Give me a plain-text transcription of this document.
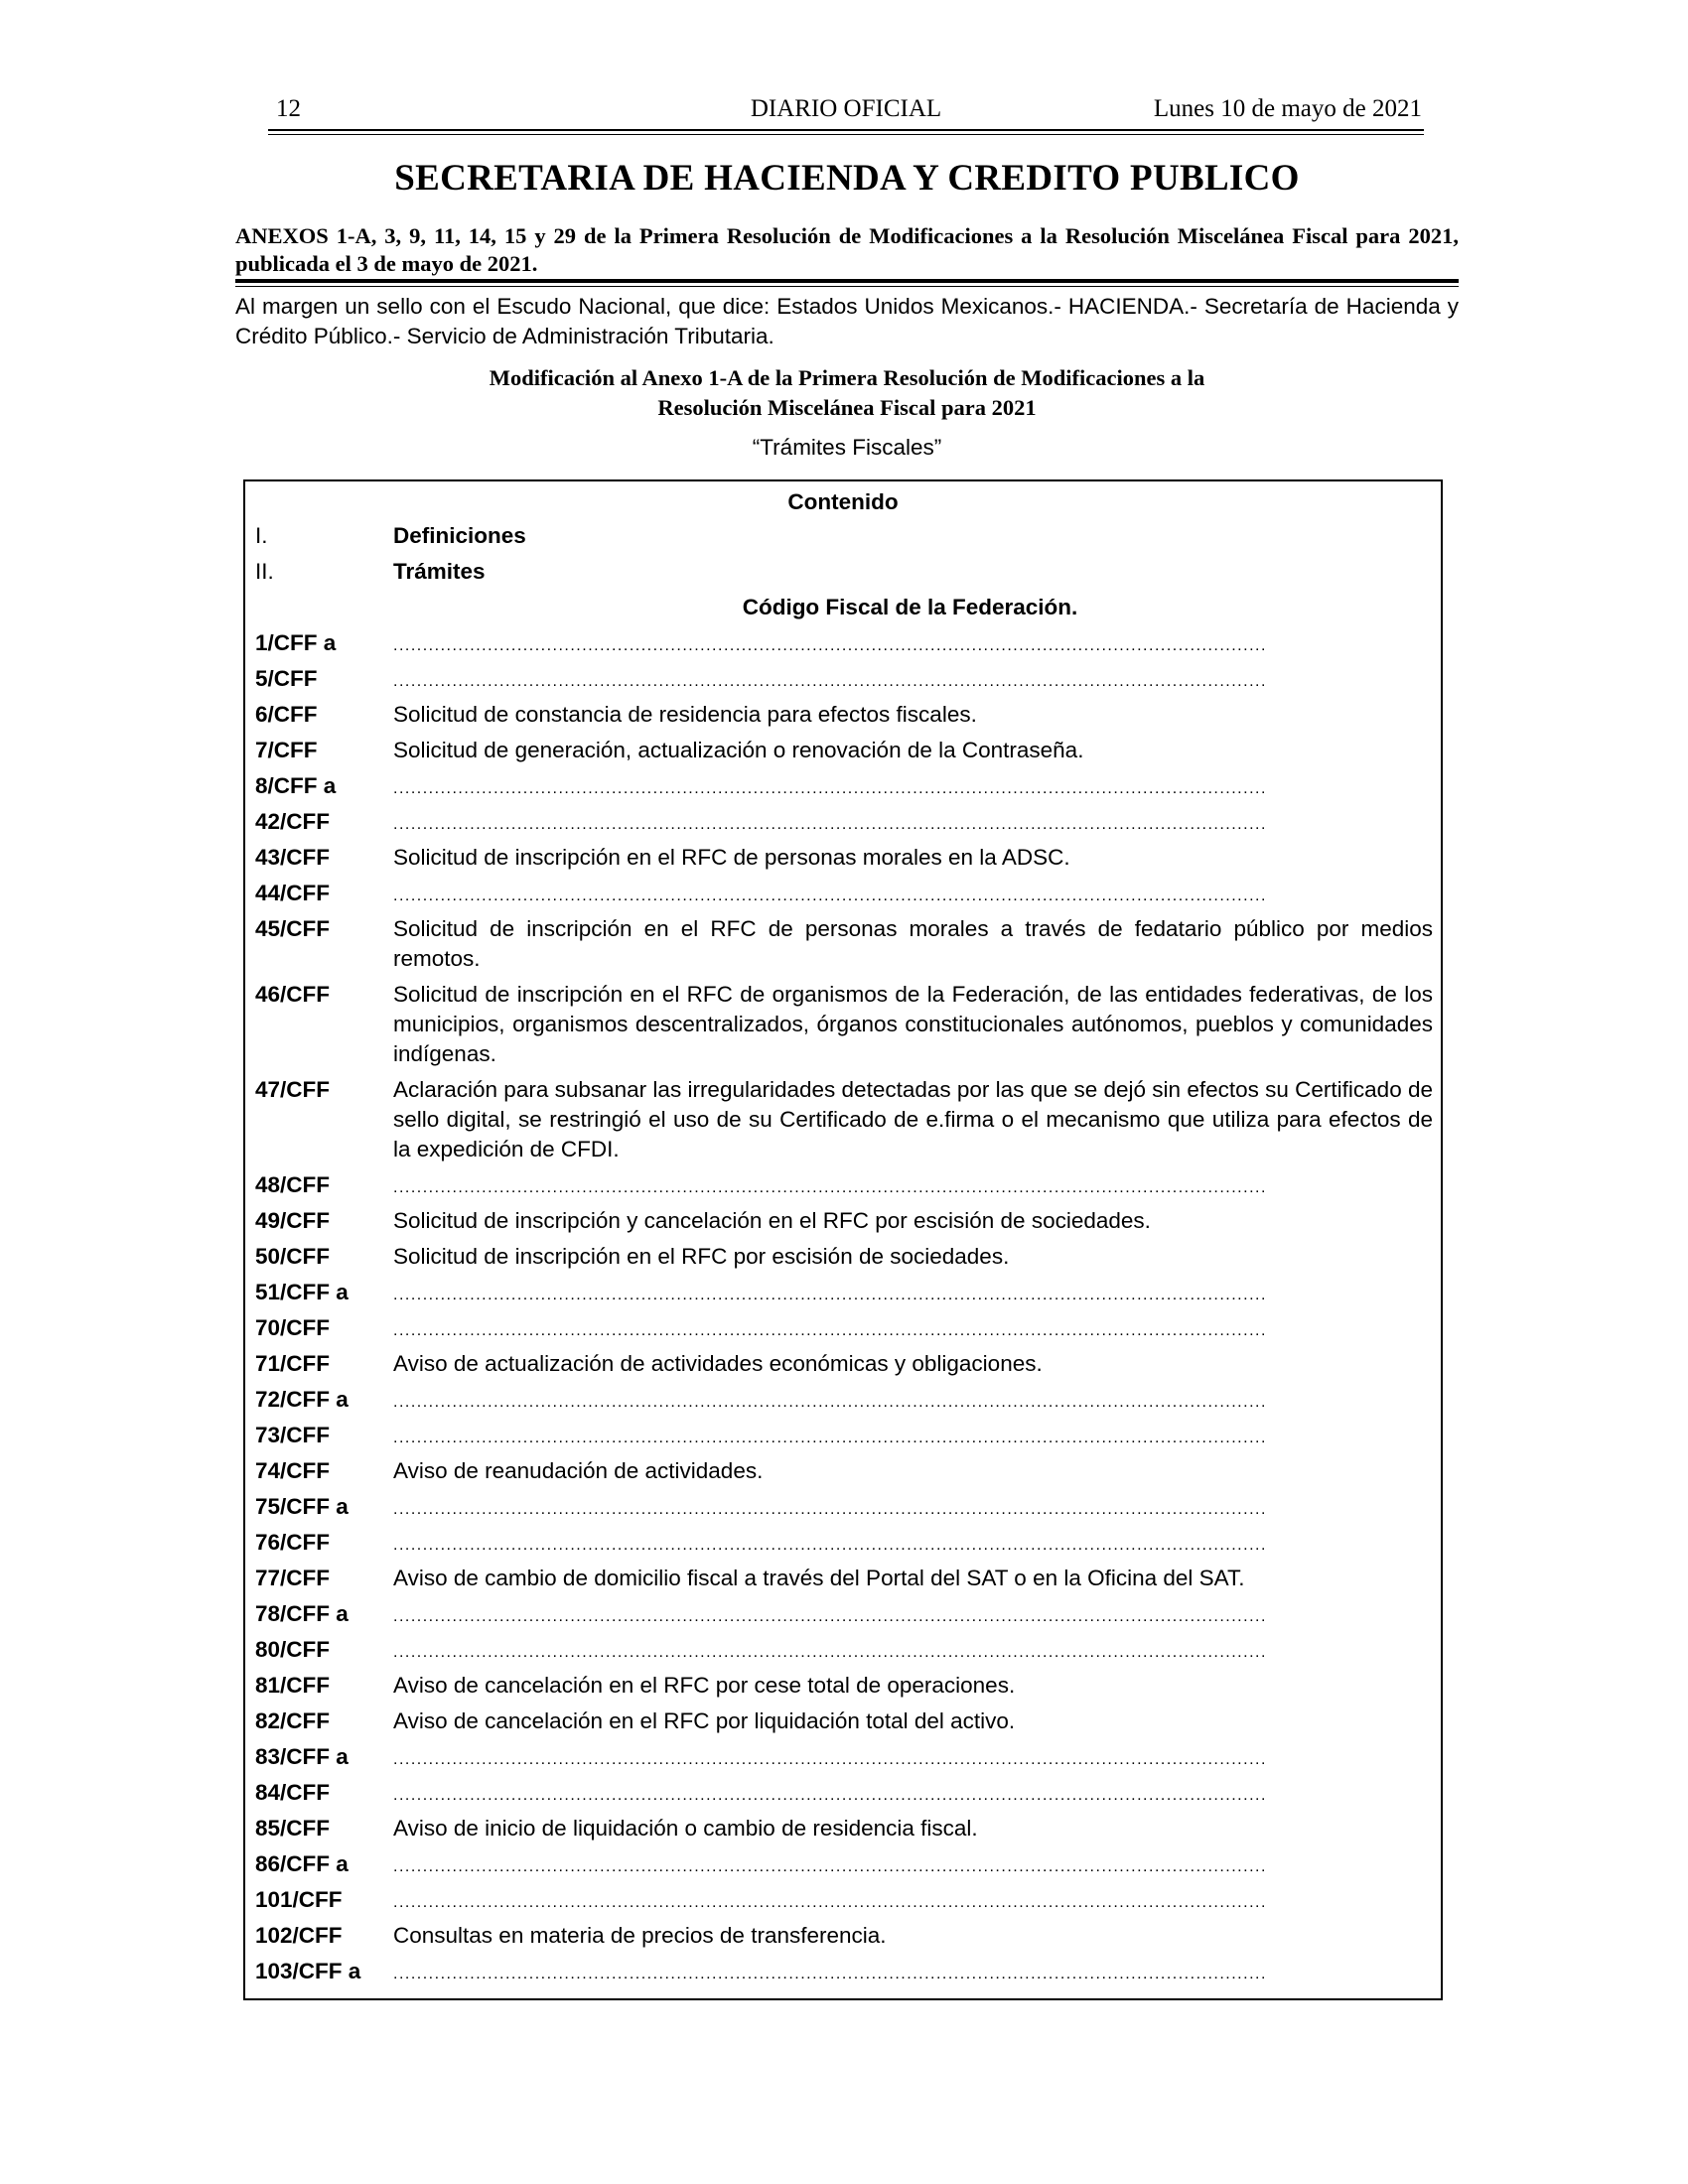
12	DIARIO OFICIAL	Lunes 10 de mayo de 2021
SECRETARIA DE HACIENDA Y CREDITO PUBLICO
ANEXOS 1-A, 3, 9, 11, 14, 15 y 29 de la Primera Resolución de Modificaciones a la Resolución Miscelánea Fiscal para 2021, publicada el 3 de mayo de 2021.
Al margen un sello con el Escudo Nacional, que dice: Estados Unidos Mexicanos.- HACIENDA.- Secretaría de Hacienda y Crédito Público.- Servicio de Administración Tributaria.
Modificación al Anexo 1-A de la Primera Resolución de Modificaciones a la
Resolución Miscelánea Fiscal para 2021
“Trámites Fiscales”
Contenido
I.	Definiciones
II.	Trámites
Código Fiscal de la Federación.
1/CFF a	....................................................................................................................................................
5/CFF	....................................................................................................................................................
6/CFF	Solicitud de constancia de residencia para efectos fiscales.
7/CFF	Solicitud de generación, actualización o renovación de la Contraseña.
8/CFF a	....................................................................................................................................................
42/CFF	....................................................................................................................................................
43/CFF	Solicitud de inscripción en el RFC de personas morales en la ADSC.
44/CFF	....................................................................................................................................................
45/CFF	Solicitud de inscripción en el RFC de personas morales a través de fedatario público por medios remotos.
46/CFF	Solicitud de inscripción en el RFC de organismos de la Federación, de las entidades federativas, de los municipios, organismos descentralizados, órganos constitucionales autónomos, pueblos y comunidades indígenas.
47/CFF	Aclaración para subsanar las irregularidades detectadas por las que se dejó sin efectos su Certificado de sello digital, se restringió el uso de su Certificado de e.firma o el mecanismo que utiliza para efectos de la expedición de CFDI.
48/CFF	....................................................................................................................................................
49/CFF	Solicitud de inscripción y cancelación en el RFC por escisión de sociedades.
50/CFF	Solicitud de inscripción en el RFC por escisión de sociedades.
51/CFF a	....................................................................................................................................................
70/CFF	....................................................................................................................................................
71/CFF	Aviso de actualización de actividades económicas y obligaciones.
72/CFF a	....................................................................................................................................................
73/CFF	....................................................................................................................................................
74/CFF	Aviso de reanudación de actividades.
75/CFF a	....................................................................................................................................................
76/CFF	....................................................................................................................................................
77/CFF	Aviso de cambio de domicilio fiscal a través del Portal del SAT o en la Oficina del SAT.
78/CFF a	....................................................................................................................................................
80/CFF	....................................................................................................................................................
81/CFF	Aviso de cancelación en el RFC por cese total de operaciones.
82/CFF	Aviso de cancelación en el RFC por liquidación total del activo.
83/CFF a	....................................................................................................................................................
84/CFF	....................................................................................................................................................
85/CFF	Aviso de inicio de liquidación o cambio de residencia fiscal.
86/CFF a	....................................................................................................................................................
101/CFF	....................................................................................................................................................
102/CFF Consultas en materia de precios de transferencia.
103/CFF a ....................................................................................................................................................
